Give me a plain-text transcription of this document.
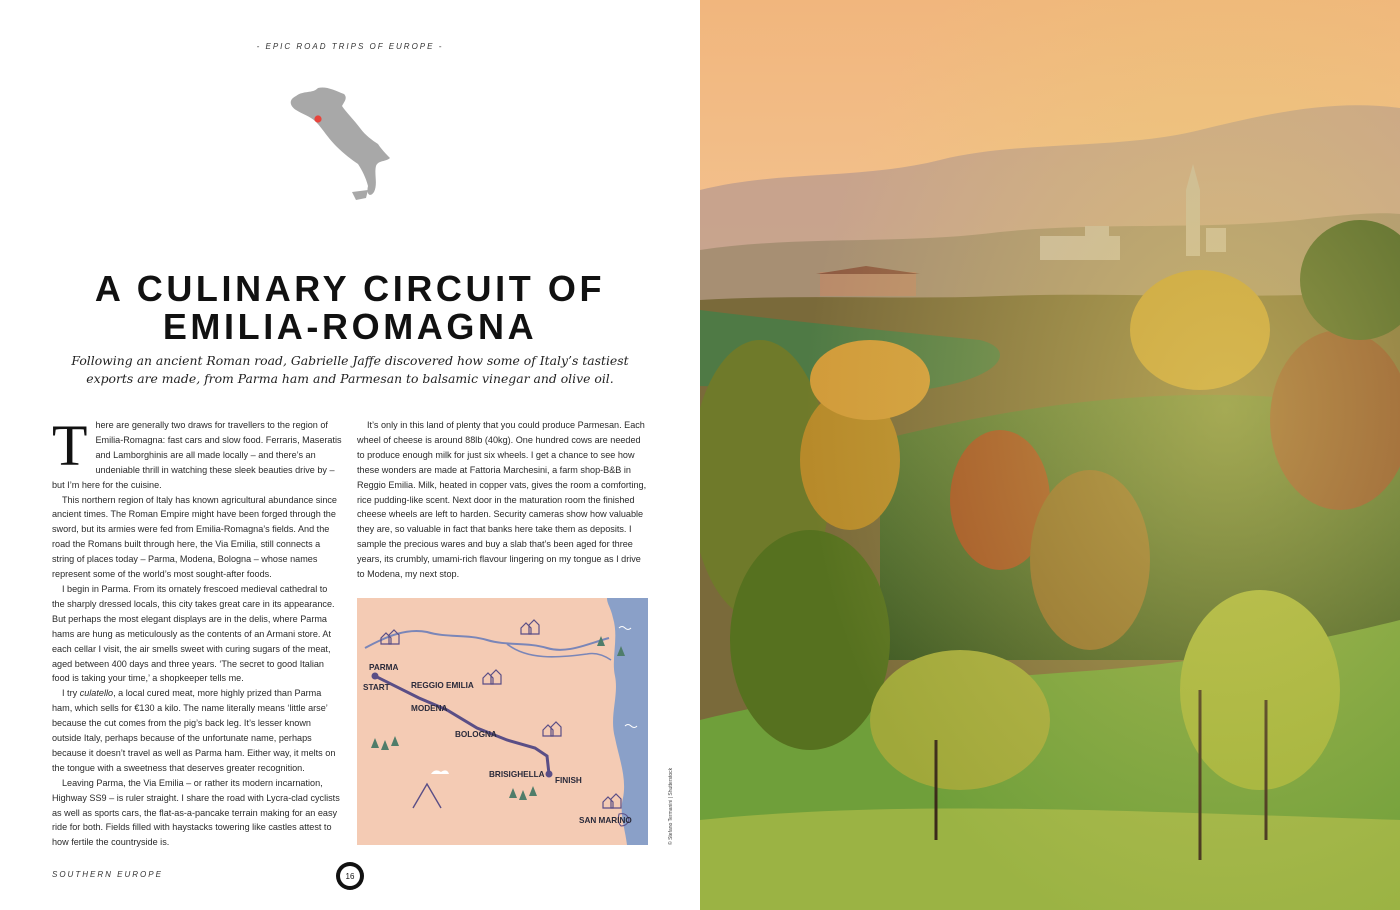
- EPIC ROAD TRIPS OF EUROPE -
A CULINARY CIRCUIT OF
EMILIA-ROMAGNA
Following an ancient Roman road, Gabrielle Jaffe discovered how some of Italy’s tastiest
exports are made, from Parma ham and Parmesan to balsamic vinegar and olive oil.

There are generally two draws for travellers to the region of Emilia-Romagna: fast cars and slow food. Ferraris, Maseratis and Lamborghinis are all made locally – and there’s an undeniable thrill in watching these sleek beauties drive by – but I’m here for the cuisine.

This northern region of Italy has known agricultural abundance since ancient times. The Roman Empire might have been forged through the sword, but its armies were fed from Emilia-Romagna’s fields. And the road the Romans built through here, the Via Emilia, still connects a string of places today – Parma, Modena, Bologna – whose names represent some of the world’s most sought-after foods.

I begin in Parma. From its ornately frescoed medieval cathedral to the sharply dressed locals, this city takes great care in its appearance. But perhaps the most elegant displays are in the delis, where Parma hams are hung as meticulously as the contents of an Armani store. At each cellar I visit, the air smells sweet with curing sugars of the meat, aged between 400 days and three years. ‘The secret to good Italian food is taking your time,’ a shopkeeper tells me.

I try culatello, a local cured meat, more highly prized than Parma ham, which sells for €130 a kilo. The name literally means ‘little arse’ because the cut comes from the pig’s back leg. It’s lesser known outside Italy, perhaps because of the unfortunate name, perhaps because it doesn’t travel as well as Parma ham. Either way, it melts on the tongue with a sweetness that deserves greater recognition.

Leaving Parma, the Via Emilia – or rather its modern incarnation, Highway SS9 – is ruler straight. I share the road with Lycra-clad cyclists as well as sports cars, the flat-as-a-pancake terrain making for an easy ride for both. Fields filled with haystacks towering like castles attest to how fertile the countryside is.

It’s only in this land of plenty that you could produce Parmesan. Each wheel of cheese is around 88lb (40kg). One hundred cows are needed to produce enough milk for just six wheels. I get a chance to see how these wonders are made at Fattoria Marchesini, a farm shop-B&B in Reggio Emilia. Milk, heated in copper vats, gives the room a comforting, rice pudding-like scent. Next door in the maturation room the finished cheese wheels are left to harden. Security cameras show how valuable they are, so valuable in fact that banks here take them as deposits. I sample the precious wares and buy a slab that’s been aged for three years, its crumbly, umami-rich flavour lingering on my tongue as I drive to Modena, my next stop.

PARMA
START	REGGIO EMILIA
MODENA
BOLOGNA
BRISIGHELLA
FINISH
SAN MARINO
SOUTHERN EUROPE	16
© Stefano Termanini | Shutterstock
